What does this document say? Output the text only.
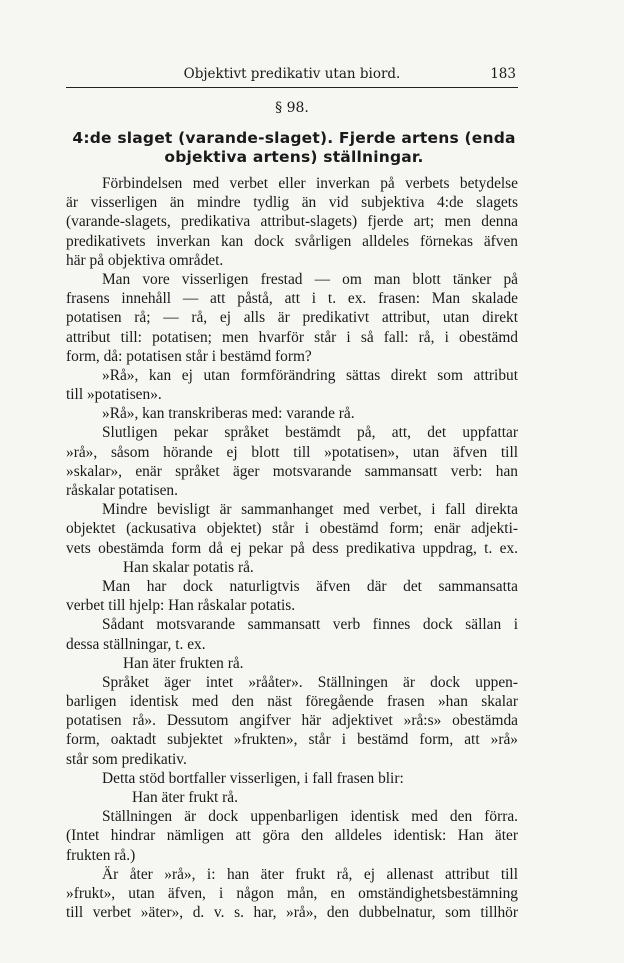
Objektivt predikativ utan biord.	183
§ 98.
4:de slaget (varande-slaget). Fjerde artens (enda
objektiva artens) ställningar.
Förbindelsen med verbet eller inverkan på verbets betydelse
är visserligen än mindre tydlig än vid subjektiva 4:de slagets
(varande-slagets, predikativa attribut-slagets) fjerde art; men denna
predikativets inverkan kan dock svårligen alldeles förnekas äfven
här på objektiva området.
Man vore visserligen frestad — om man blott tänker på
frasens innehåll — att påstå, att i t. ex. frasen: Man skalade
potatisen rå; — rå, ej alls är predikativt attribut, utan direkt
attribut till: potatisen; men hvarför står i så fall: rå, i obestämd
form, då: potatisen står i bestämd form?
»Rå», kan ej utan formförändring sättas direkt som attribut
till »potatisen».
»Rå», kan transkriberas med: varande rå.
Slutligen pekar språket bestämdt på, att, det uppfattar
»rå», såsom hörande ej blott till »potatisen», utan äfven till
»skalar», enär språket äger motsvarande sammansatt verb: han
råskalar potatisen.
Mindre bevisligt är sammanhanget med verbet, i fall direkta
objektet (ackusativa objektet) står i obestämd form; enär adjekti-
vets obestämda form då ej pekar på dess predikativa uppdrag, t. ex.
Han skalar potatis rå.
Man har dock naturligtvis äfven där det sammansatta
verbet till hjelp: Han råskalar potatis.
Sådant motsvarande sammansatt verb finnes dock sällan i
dessa ställningar, t. ex.
Han äter frukten rå.
Språket äger intet »rååter». Ställningen är dock uppen-
barligen identisk med den näst föregående frasen »han skalar
potatisen rå». Dessutom angifver här adjektivet »rå:s» obestämda
form, oaktadt subjektet »frukten», står i bestämd form, att »rå»
står som predikativ.
Detta stöd bortfaller visserligen, i fall frasen blir:
Han äter frukt rå.
Ställningen är dock uppenbarligen identisk med den förra.
(Intet hindrar nämligen att göra den alldeles identisk: Han äter
frukten rå.)
Är åter »rå», i: han äter frukt rå, ej allenast attribut till
»frukt», utan äfven, i någon mån, en omständighetsbestämning
till verbet »äter», d. v. s. har, »rå», den dubbelnatur, som tillhör
